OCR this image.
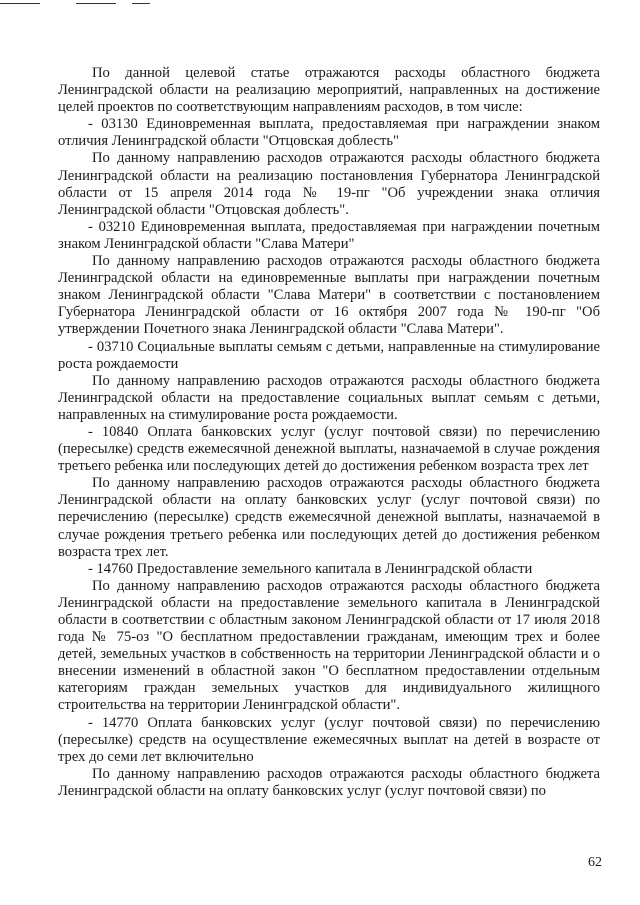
По данной целевой статье отражаются расходы областного бюджета Ленинградской области на реализацию мероприятий, направленных на достижение целей проектов по соответствующим направлениям расходов, в том числе:

- 03130 Единовременная выплата, предоставляемая при награждении знаком отличия Ленинградской области "Отцовская доблесть"

По данному направлению расходов отражаются расходы областного бюджета Ленинградской области на реализацию постановления Губернатора Ленинградской области от 15 апреля 2014 года № 19-пг "Об учреждении знака отличия Ленинградской области "Отцовская доблесть".

- 03210 Единовременная выплата, предоставляемая при награждении почетным знаком Ленинградской области "Слава Матери"

По данному направлению расходов отражаются расходы областного бюджета Ленинградской области на единовременные выплаты при награждении почетным знаком Ленинградской области "Слава Матери" в соответствии с постановлением Губернатора Ленинградской области от 16 октября 2007 года № 190-пг "Об утверждении Почетного знака Ленинградской области "Слава Матери".

- 03710 Социальные выплаты семьям с детьми, направленные на стимулирование роста рождаемости

По данному направлению расходов отражаются расходы областного бюджета Ленинградской области на предоставление социальных выплат семьям с детьми, направленных на стимулирование роста рождаемости.

- 10840 Оплата банковских услуг (услуг почтовой связи) по перечислению (пересылке) средств ежемесячной денежной выплаты, назначаемой в случае рождения третьего ребенка или последующих детей до достижения ребенком возраста трех лет

По данному направлению расходов отражаются расходы областного бюджета Ленинградской области на оплату банковских услуг (услуг почтовой связи) по перечислению (пересылке) средств ежемесячной денежной выплаты, назначаемой в случае рождения третьего ребенка или последующих детей до достижения ребенком возраста трех лет.

- 14760 Предоставление земельного капитала в Ленинградской области

По данному направлению расходов отражаются расходы областного бюджета Ленинградской области на предоставление земельного капитала в Ленинградской области в соответствии с областным законом Ленинградской области от 17 июля 2018 года № 75-оз "О бесплатном предоставлении гражданам, имеющим трех и более детей, земельных участков в собственность на территории Ленинградской области и о внесении изменений в областной закон "О бесплатном предоставлении отдельным категориям граждан земельных участков для индивидуального жилищного строительства на территории Ленинградской области".

- 14770 Оплата банковских услуг (услуг почтовой связи) по перечислению (пересылке) средств на осуществление ежемесячных выплат на детей в возрасте от трех до семи лет включительно

По данному направлению расходов отражаются расходы областного бюджета Ленинградской области на оплату банковских услуг (услуг почтовой связи) по

62
